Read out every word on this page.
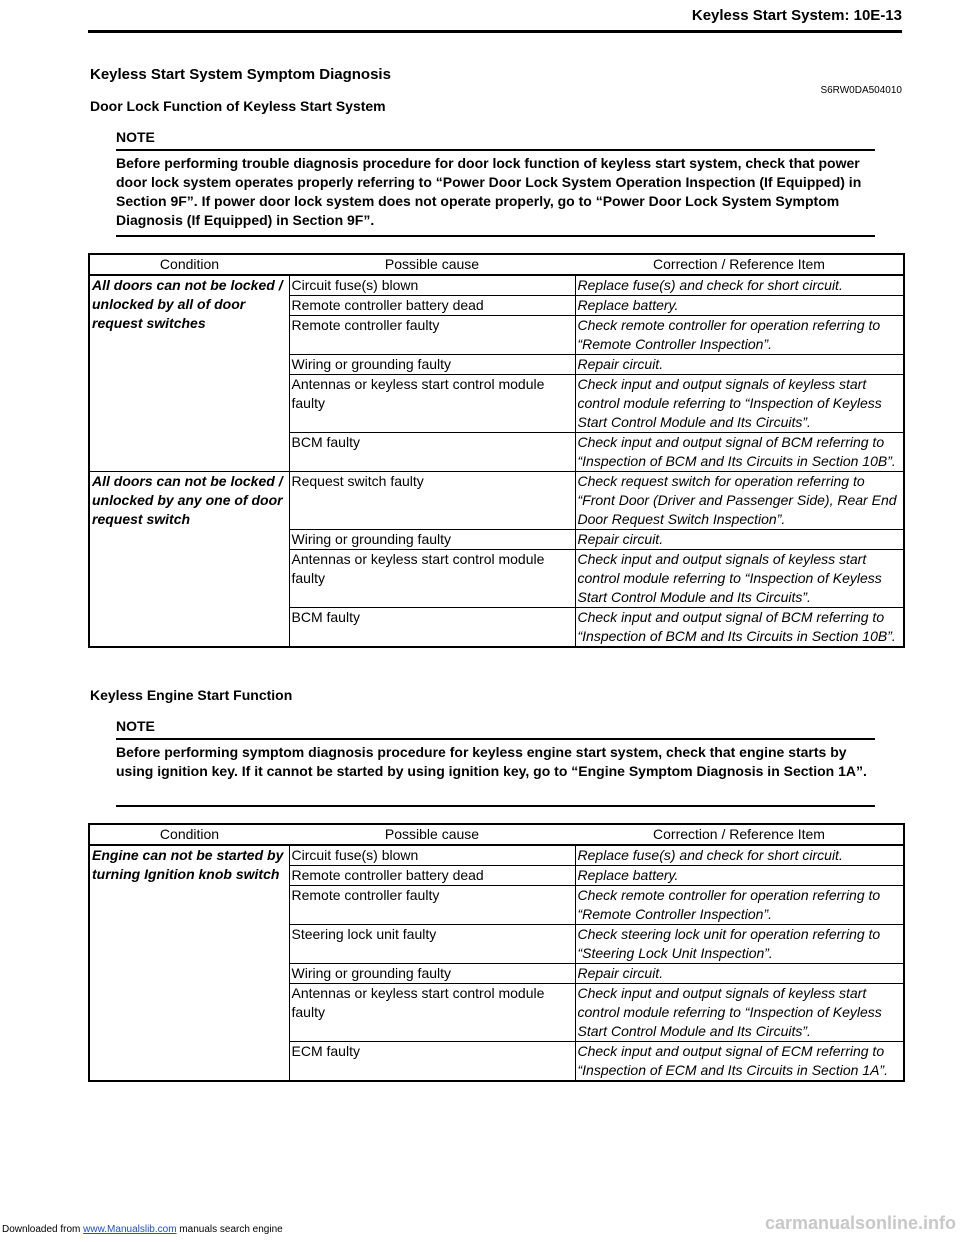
Keyless Start System: 10E-13
Keyless Start System Symptom Diagnosis
S6RW0DA504010
Door Lock Function of Keyless Start System
NOTE
Before performing trouble diagnosis procedure for door lock function of keyless start system, check that power door lock system operates properly referring to “Power Door Lock System Operation Inspection (If Equipped) in Section 9F”. If power door lock system does not operate properly, go to “Power Door Lock System Symptom Diagnosis (If Equipped) in Section 9F”.
Condition	Possible cause	Correction / Reference Item
All doors can not be locked / unlocked by all of door request switches	Circuit fuse(s) blown	Replace fuse(s) and check for short circuit.
	Remote controller battery dead	Replace battery.
	Remote controller faulty	Check remote controller for operation referring to “Remote Controller Inspection”.
	Wiring or grounding faulty	Repair circuit.
	Antennas or keyless start control module faulty	Check input and output signals of keyless start control module referring to “Inspection of Keyless Start Control Module and Its Circuits”.
	BCM faulty	Check input and output signal of BCM referring to “Inspection of BCM and Its Circuits in Section 10B”.
All doors can not be locked / unlocked by any one of door request switch	Request switch faulty	Check request switch for operation referring to “Front Door (Driver and Passenger Side), Rear End Door Request Switch Inspection”.
	Wiring or grounding faulty	Repair circuit.
	Antennas or keyless start control module faulty	Check input and output signals of keyless start control module referring to “Inspection of Keyless Start Control Module and Its Circuits”.
	BCM faulty	Check input and output signal of BCM referring to “Inspection of BCM and Its Circuits in Section 10B”.
Keyless Engine Start Function
NOTE
Before performing symptom diagnosis procedure for keyless engine start system, check that engine starts by using ignition key. If it cannot be started by using ignition key, go to “Engine Symptom Diagnosis in Section 1A”.
Condition	Possible cause	Correction / Reference Item
Engine can not be started by turning Ignition knob switch	Circuit fuse(s) blown	Replace fuse(s) and check for short circuit.
	Remote controller battery dead	Replace battery.
	Remote controller faulty	Check remote controller for operation referring to “Remote Controller Inspection”.
	Steering lock unit faulty	Check steering lock unit for operation referring to “Steering Lock Unit Inspection”.
	Wiring or grounding faulty	Repair circuit.
	Antennas or keyless start control module faulty	Check input and output signals of keyless start control module referring to “Inspection of Keyless Start Control Module and Its Circuits”.
	ECM faulty	Check input and output signal of ECM referring to “Inspection of ECM and Its Circuits in Section 1A”.
Downloaded from www.Manualslib.com manuals search engine	carmanualsonline.info
